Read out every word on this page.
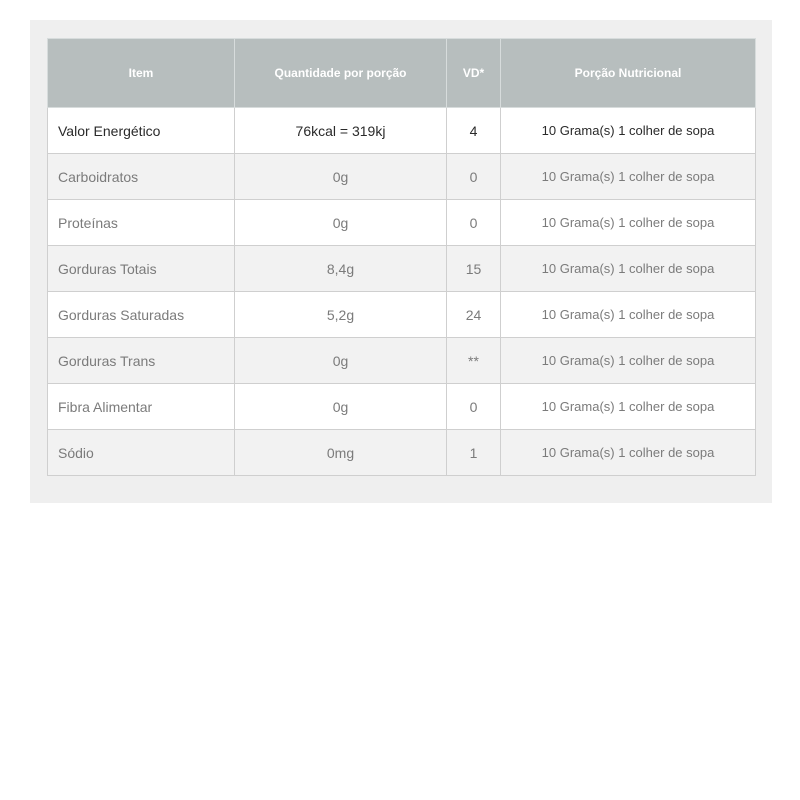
Item	Quantidade por porção	VD*	Porção Nutricional
Valor Energético	76kcal = 319kj	4	10 Grama(s) 1 colher de sopa
Carboidratos	0g	0	10 Grama(s) 1 colher de sopa
Proteínas	0g	0	10 Grama(s) 1 colher de sopa
Gorduras Totais	8,4g	15	10 Grama(s) 1 colher de sopa
Gorduras Saturadas	5,2g	24	10 Grama(s) 1 colher de sopa
Gorduras Trans	0g	**	10 Grama(s) 1 colher de sopa
Fibra Alimentar	0g	0	10 Grama(s) 1 colher de sopa
Sódio	0mg	1	10 Grama(s) 1 colher de sopa
